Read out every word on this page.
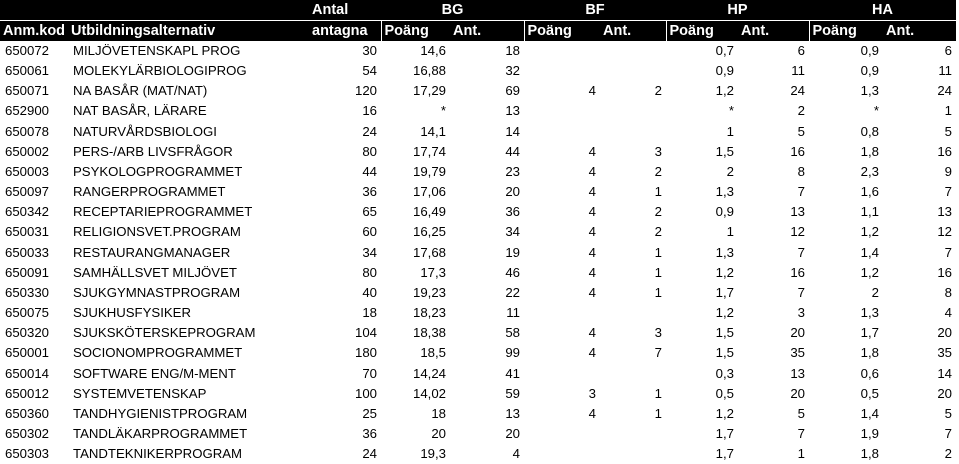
		Antal	BG		BF		HP		HA	
Anm.kod	Utbildningsalternativ	antagna	Poäng	Ant.	Poäng	Ant.	Poäng	Ant.	Poäng	Ant.
650072	MILJÖVETENSKAPL PROG	30	14,6	18			0,7	6	0,9	6
650061	MOLEKYLÄRBIOLOGIPROG	54	16,88	32			0,9	11	0,9	11
650071	NA BASÅR (MAT/NAT)	120	17,29	69	4	2	1,2	24	1,3	24
652900	NAT BASÅR, LÄRARE	16	*	13			*	2	*	1
650078	NATURVÅRDSBIOLOGI	24	14,1	14			1	5	0,8	5
650002	PERS-/ARB LIVSFRÅGOR	80	17,74	44	4	3	1,5	16	1,8	16
650003	PSYKOLOGPROGRAMMET	44	19,79	23	4	2	2	8	2,3	9
650097	RANGERPROGRAMMET	36	17,06	20	4	1	1,3	7	1,6	7
650342	RECEPTARIEPROGRAMMET	65	16,49	36	4	2	0,9	13	1,1	13
650031	RELIGIONSVET.PROGRAM	60	16,25	34	4	2	1	12	1,2	12
650033	RESTAURANGMANAGER	34	17,68	19	4	1	1,3	7	1,4	7
650091	SAMHÄLLSVET MILJÖVET	80	17,3	46	4	1	1,2	16	1,2	16
650330	SJUKGYMNASTPROGRAM	40	19,23	22	4	1	1,7	7	2	8
650075	SJUKHUSFYSIKER	18	18,23	11			1,2	3	1,3	4
650320	SJUKSKÖTERSKEPROGRAM	104	18,38	58	4	3	1,5	20	1,7	20
650001	SOCIONOMPROGRAMMET	180	18,5	99	4	7	1,5	35	1,8	35
650014	SOFTWARE ENG/M-MENT	70	14,24	41			0,3	13	0,6	14
650012	SYSTEMVETENSKAP	100	14,02	59	3	1	0,5	20	0,5	20
650360	TANDHYGIENISTPROGRAM	25	18	13	4	1	1,2	5	1,4	5
650302	TANDLÄKARPROGRAMMET	36	20	20			1,7	7	1,9	7
650303	TANDTEKNIKERPROGRAM	24	19,3	4			1,7	1	1,8	2
